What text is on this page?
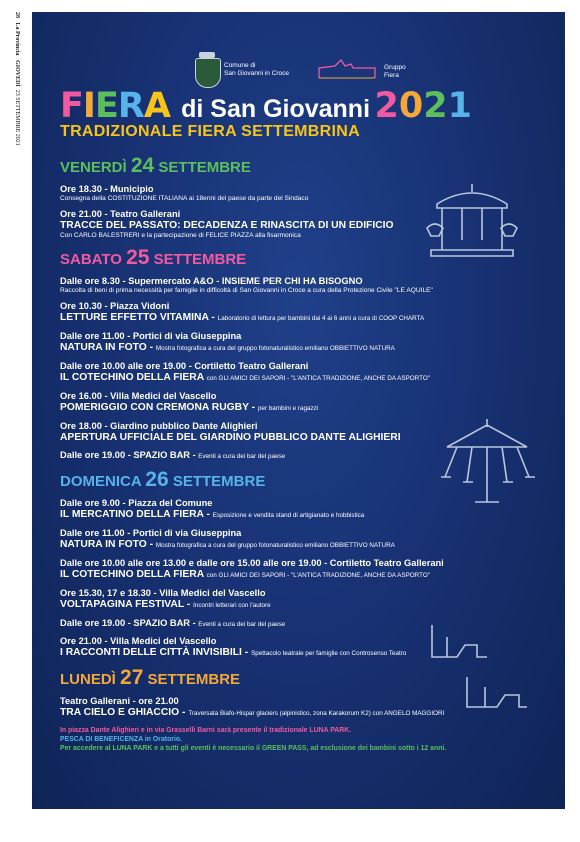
28   La Provincia   GIOVEDÌ  23 SETTEMBRE 2021
Comune di
San Giovanni in Croce
Gruppo
Fiera
FIERA di San Giovanni 2021
TRADIZIONALE FIERA SETTEMBRINA
VENERDÌ 24 SETTEMBRE
Ore 18.30 - Municipio
Consegna della COSTITUZIONE ITALIANA ai 18enni del paese da parte del Sindaco
Ore 21.00 - Teatro Gallerani
TRACCE DEL PASSATO: DECADENZA E RINASCITA DI UN EDIFICIO
Con CARLO BALESTRERI e la partecipazione di FELICE PIAZZA alla fisarmonica
SABATO 25 SETTEMBRE
Dalle ore 8.30 - Supermercato A&O - INSIEME PER CHI HA BISOGNO
Raccolta di beni di prima necessità per famiglie in difficoltà di San Giovanni in Croce a cura della Protezione Civile "LE AQUILE"
Ore 10.30 - Piazza Vidoni
LETTURE EFFETTO VITAMINA - Laboratorio di lettura per bambini dai 4 ai 6 anni a cura di COOP CHARTA
Dalle ore 11.00 - Portici di via Giuseppina
NATURA IN FOTO - Mostra fotografica a cura del gruppo fotonaturalistico emiliano OBBIETTIVO NATURA
Dalle ore 10.00 alle ore 19.00 - Cortiletto Teatro Gallerani
IL COTECHINO DELLA FIERA con GLI AMICI DEI SAPORI - "L'ANTICA TRADIZIONE, ANCHE DA ASPORTO"
Ore 16.00 - Villa Medici del Vascello
POMERIGGIO CON CREMONA RUGBY - per bambini e ragazzi
Ore 18.00 - Giardino pubblico Dante Alighieri
APERTURA UFFICIALE DEL GIARDINO PUBBLICO DANTE ALIGHIERI
Dalle ore 19.00 - SPAZIO BAR - Eventi a cura dei bar del paese
DOMENICA 26 SETTEMBRE
Dalle ore 9.00 - Piazza del Comune
IL MERCATINO DELLA FIERA - Esposizione e vendita stand di artigianato e hobbistica
Dalle ore 11.00 - Portici di via Giuseppina
NATURA IN FOTO - Mostra fotografica a cura del gruppo fotonaturalistico emiliano OBBIETTIVO NATURA
Dalle ore 10.00 alle ore 13.00 e dalle ore 15.00 alle ore 19.00 - Cortiletto Teatro Gallerani
IL COTECHINO DELLA FIERA con GLI AMICI DEI SAPORI - "L'ANTICA TRADIZIONE, ANCHE DA ASPORTO"
Ore 15.30, 17 e 18.30 - Villa Medici del Vascello
VOLTAPAGINA FESTIVAL - Incontri letterari con l'autore
Dalle ore 19.00 - SPAZIO BAR - Eventi a cura dei bar del paese
Ore 21.00 - Villa Medici del Vascello
I RACCONTI DELLE CITTÀ INVISIBILI - Spettacolo teatrale per famiglie con Controsenso Teatro
LUNEDÌ 27 SETTEMBRE
Teatro Gallerani - ore 21.00
TRA CIELO E GHIACCIO - Traversata Biafo-Hispar glaciers (alpinistico, zona Karakorum K2) con ANGELO MAGGIORI
In piazza Dante Alighieri e in via Grasselli Barni sarà presente il tradizionale LUNA PARK.
PESCA DI BENEFICENZA in Oratorio.
Per accedere al LUNA PARK e a tutti gli eventi è necessario il GREEN PASS, ad esclusione dei bambini sotto i 12 anni.
